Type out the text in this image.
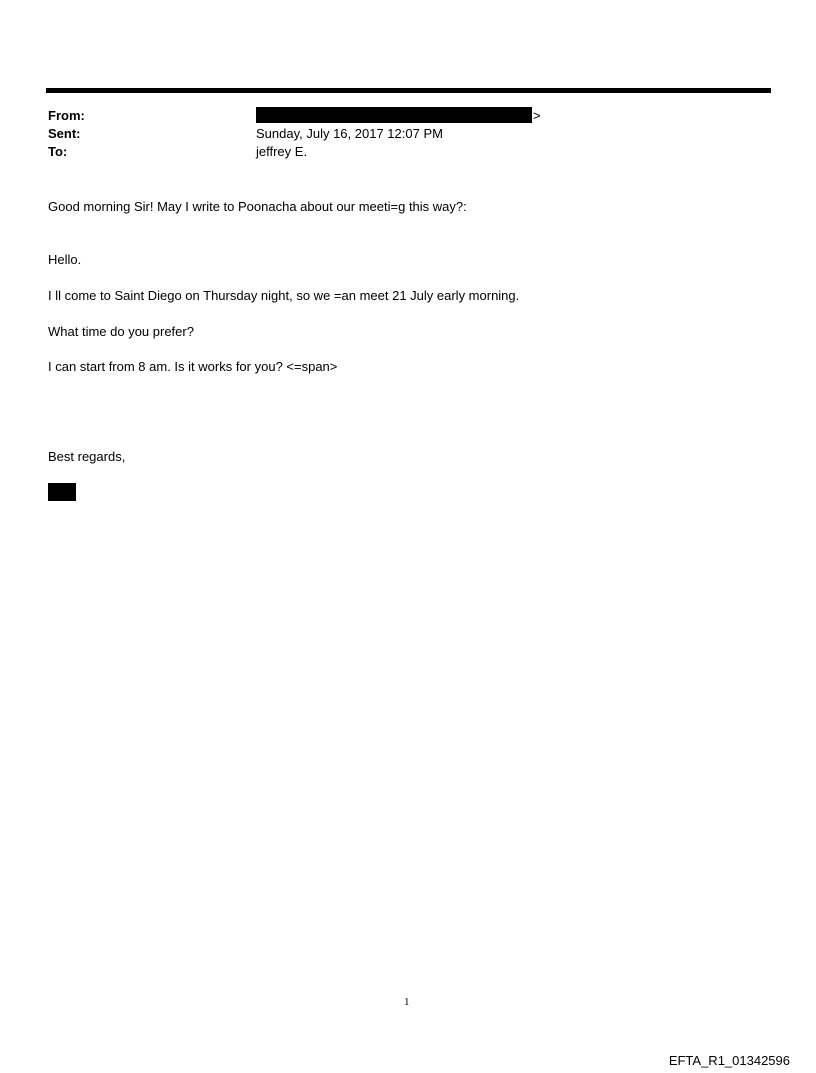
From:	>
Sent:	Sunday, July 16, 2017 12:07 PM
To:	jeffrey E.
Good morning Sir! May I write to Poonacha about our meeti=g this way?:
Hello.
I ll come to Saint Diego on Thursday night, so we =an meet 21 July early morning.
What time do you prefer?
I can start from 8 am. Is it works for you? <=span>
Best regards,
1
EFTA_R1_01342596
